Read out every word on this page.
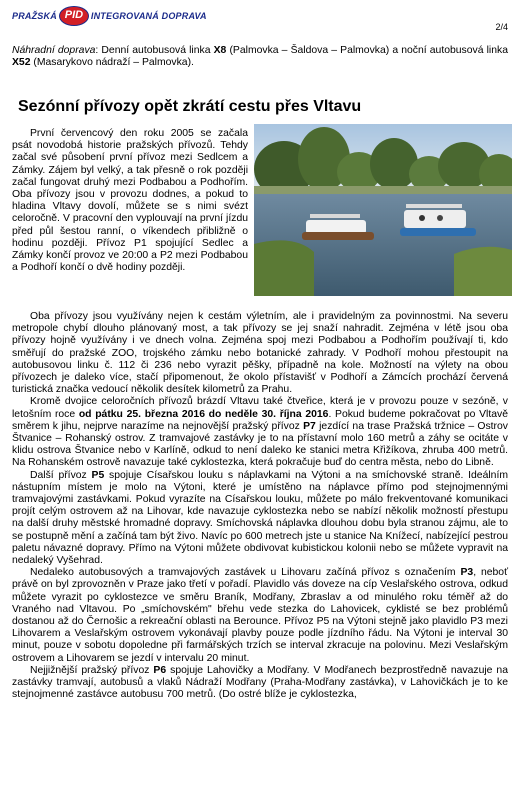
PRAŽSKÁ PID INTEGROVANÁ DOPRAVA
2/4

Náhradní doprava: Denní autobusová linka X8 (Palmovka – Šaldova – Palmovka) a noční autobusová linka X52 (Masarykovo nádraží – Palmovka).

Sezónní přívozy opět zkrátí cestu přes Vltavu

První červencový den roku 2005 se začala psát novodobá historie pražských přívozů. Tehdy začal své působení první přívoz mezi Sedlcem a Zámky. Zájem byl velký, a tak přesně o rok později začal fungovat druhý mezi Podbabou a Podhořím. Oba přívozy jsou v provozu dodnes, a pokud to hladina Vltavy dovolí, můžete se s nimi svézt celoročně. V pracovní den vyplouvají na první jízdu před půl šestou ranní, o víkendech přibližně o hodinu později. Přívoz P1 spojující Sedlec a Zámky končí provoz ve 20:00 a P2 mezi Podbabou a Podhoří končí o dvě hodiny později.

Oba přívozy jsou využívány nejen k cestám výletním, ale i pravidelným za povinnostmi. Na severu metropole chybí dlouho plánovaný most, a tak přívozy se jej snaží nahradit. Zejména v létě jsou oba přívozy hojně využívány i ve dnech volna. Zejména spoj mezi Podbabou a Podhořím používají ti, kdo směřují do pražské ZOO, trojského zámku nebo botanické zahrady. V Podhoří mohou přestoupit na autobusovou linku č. 112 či 236 nebo vyrazit pěšky, případně na kole. Možností na výlety na obou přívozech je daleko více, stačí připomenout, že okolo přístavišť v Podhoří a Zámcích prochází červená turistická značka vedoucí několik desítek kilometrů za Prahu.

Kromě dvojice celoročních přívozů brázdí Vltavu také čtveřice, která je v provozu pouze v sezóně, v letošním roce od pátku 25. března 2016 do neděle 30. října 2016. Pokud budeme pokračovat po Vltavě směrem k jihu, nejprve narazíme na nejnovější pražský přívoz P7 jezdící na trase Pražská tržnice – Ostrov Štvanice – Rohanský ostrov. Z tramvajové zastávky je to na přístavní molo 160 metrů a záhy se ocitáte v klidu ostrova Štvanice nebo v Karlíně, odkud to není daleko ke stanici metra Křižíkova, zhruba 400 metrů. Na Rohanském ostrově navazuje také cyklostezka, která pokračuje buď do centra města, nebo do Libně.

Další přívoz P5 spojuje Císařskou louku s náplavkami na Výtoni a na smíchovské straně. Ideálním nástupním místem je molo na Výtoni, které je umístěno na náplavce přímo pod stejnojmennými tramvajovými zastávkami. Pokud vyrazíte na Císařskou louku, můžete po málo frekventované komunikaci projít celým ostrovem až na Lihovar, kde navazuje cyklostezka nebo se nabízí několik možností přestupu na další druhy městské hromadné dopravy. Smíchovská náplavka dlouhou dobu byla stranou zájmu, ale to se postupně mění a začíná tam být živo. Navíc po 600 metrech jste u stanice Na Knížecí, nabízející pestrou paletu návazné dopravy. Přímo na Výtoni můžete obdivovat kubistickou kolonii nebo se můžete vypravit na nedaleký Vyšehrad.

Nedaleko autobusových a tramvajových zastávek u Lihovaru začíná přívoz s označením P3, neboť právě on byl zprovozněn v Praze jako třetí v pořadí. Plavidlo vás doveze na cíp Veslařského ostrova, odkud můžete vyrazit po cyklostezce ve směru Braník, Modřany, Zbraslav a od minulého roku téměř až do Vraného nad Vltavou. Po „smíchovském" břehu vede stezka do Lahovicek, cyklisté se bez problémů dostanou až do Černošic a rekreační oblasti na Berounce. Přívoz P5 na Výtoni stejně jako plavidlo P3 mezi Lihovarem a Veslařským ostrovem vykonávají plavby pouze podle jízdního řádu. Na Výtoni je interval 30 minut, pouze v sobotu dopoledne při farmářských trzích se interval zkracuje na polovinu. Mezi Veslařským ostrovem a Lihovarem se jezdí v intervalu 20 minut.

Nejjižnější pražský přívoz P6 spojuje Lahovičky a Modřany. V Modřanech bezprostředně navazuje na zastávky tramvají, autobusů a vlaků Nádraží Modřany (Praha-Modřany zastávka), v Lahovičkách je to ke stejnojmenné zastávce autobusu 700 metrů. (Do ostré blíže je cyklostezka,
